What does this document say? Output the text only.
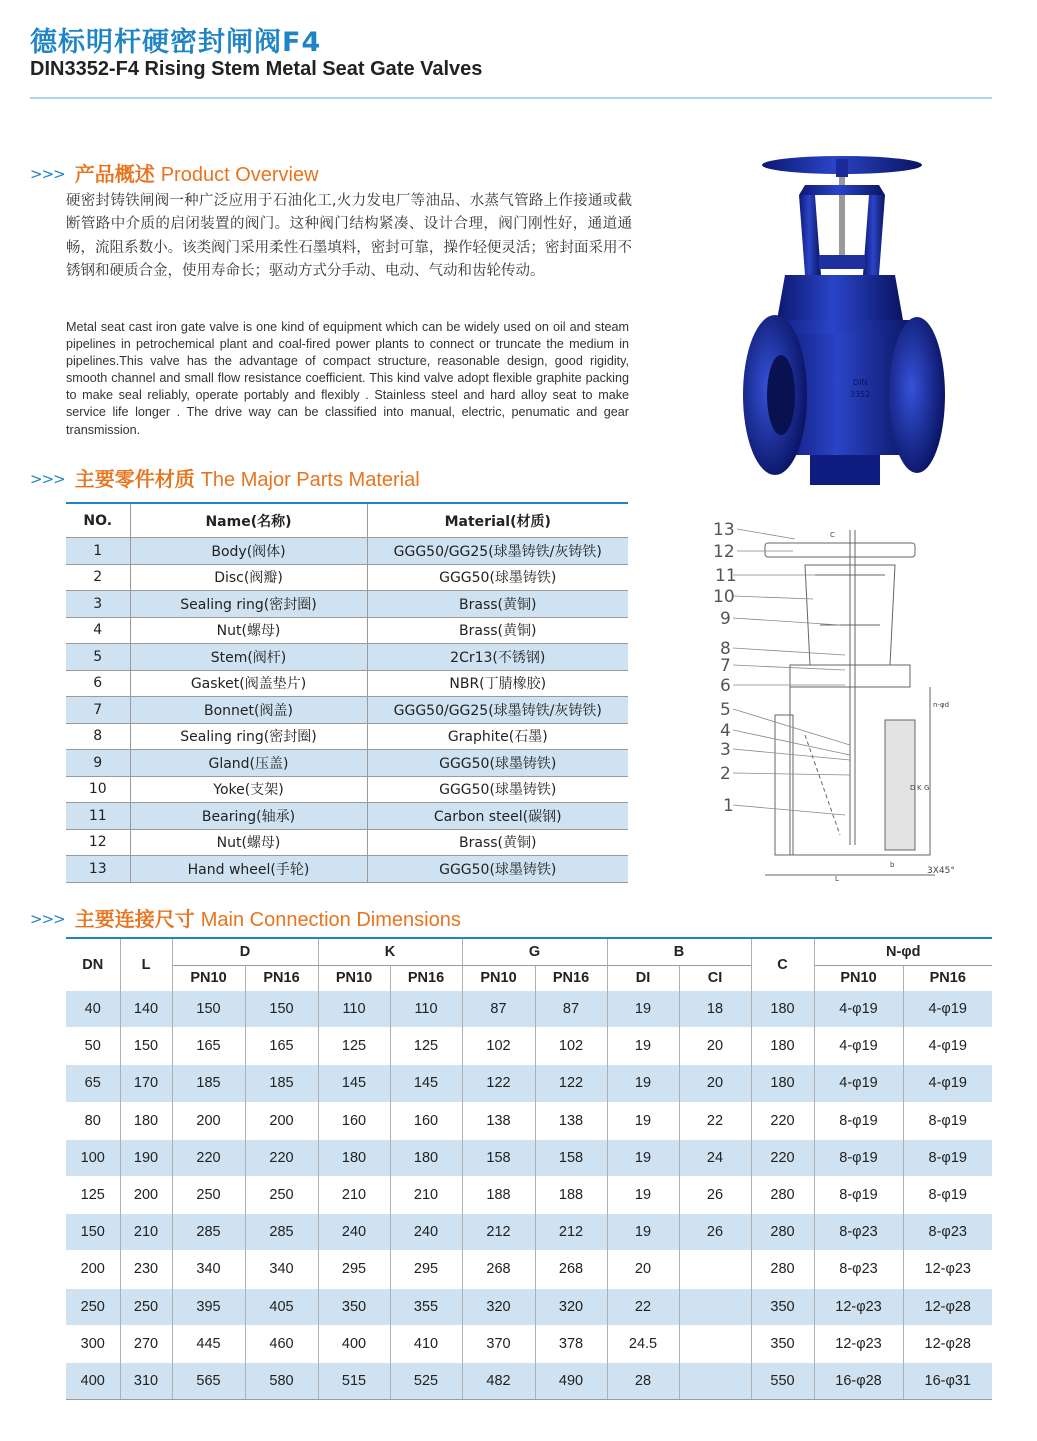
德标明杆硬密封闸阀F4
DIN3352-F4 Rising Stem Metal Seat Gate Valves
>>> 产品概述 Product Overview
硬密封铸铁闸阀一种广泛应用于石油化工,火力发电厂等油品、水蒸气管路上作接通或截断管路中介质的启闭装置的阀门。这种阀门结构紧凑、设计合理，阀门刚性好，通道通畅，流阻系数小。该类阀门采用柔性石墨填料，密封可靠，操作轻便灵活；密封面采用不锈钢和硬质合金，使用寿命长；驱动方式分手动、电动、气动和齿轮传动。
Metal seat cast iron gate valve is one kind of equipment which can be widely used on oil and steam pipelines in petrochemical plant and coal-fired power plants to connect or truncate the medium in pipelines.This valve has the advantage of compact structure, reasonable design, good rigidity, smooth channel and small flow resistance coefficient. This kind valve adopt flexible graphite packing to make seal reliably, operate portably and flexibly . Stainless steel and hard alloy seat to make service life longer . The drive way can be classified into manual, electric, penumatic and gear transmission.
DIN
3352
13
12
11
10
9
8
7
6
5
4
3
2
1
n-φd
3X45°
L
D K G
C
b
>>> 主要零件材质 The Major Parts Material
NO.	Name(名称)	Material(材质)
1	Body(阀体)	GGG50/GG25(球墨铸铁/灰铸铁)
2	Disc(阀瓣)	GGG50(球墨铸铁)
3	Sealing ring(密封圈)	Brass(黄铜)
4	Nut(螺母)	Brass(黄铜)
5	Stem(阀杆)	2Cr13(不锈钢)
6	Gasket(阀盖垫片)	NBR(丁腈橡胶)
7	Bonnet(阀盖)	GGG50/GG25(球墨铸铁/灰铸铁)
8	Sealing ring(密封圈)	Graphite(石墨)
9	Gland(压盖)	GGG50(球墨铸铁)
10	Yoke(支架)	GGG50(球墨铸铁)
11	Bearing(轴承)	Carbon steel(碳钢)
12	Nut(螺母)	Brass(黄铜)
13	Hand wheel(手轮)	GGG50(球墨铸铁)
>>> 主要连接尺寸 Main Connection Dimensions
DN	L	D		K		G		B		C	N-φd	
		PN10	PN16	PN10	PN16	PN10	PN16	DI	CI		PN10	PN16
40	140	150	150	110	110	87	87	19	18	180	4-φ19	4-φ19
50	150	165	165	125	125	102	102	19	20	180	4-φ19	4-φ19
65	170	185	185	145	145	122	122	19	20	180	4-φ19	4-φ19
80	180	200	200	160	160	138	138	19	22	220	8-φ19	8-φ19
100	190	220	220	180	180	158	158	19	24	220	8-φ19	8-φ19
125	200	250	250	210	210	188	188	19	26	280	8-φ19	8-φ19
150	210	285	285	240	240	212	212	19	26	280	8-φ23	8-φ23
200	230	340	340	295	295	268	268	20		280	8-φ23	12-φ23
250	250	395	405	350	355	320	320	22		350	12-φ23	12-φ28
300	270	445	460	400	410	370	378	24.5		350	12-φ23	12-φ28
400	310	565	580	515	525	482	490	28		550	16-φ28	16-φ31
